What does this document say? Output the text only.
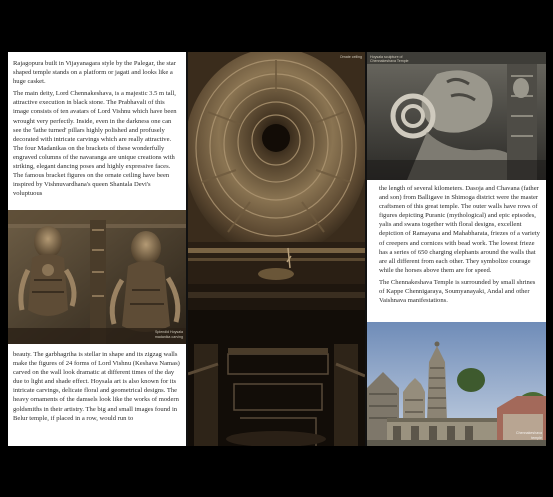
Rajagopura built in Vijayanagara style by the Palegar, the star shaped temple stands on a platform or jagati and looks like a huge casket.

The main deity, Lord Chennakeshava, is a majestic 3.5 m tall, attractive execution in black stone. The Prabhavali of this image consists of ten avatars of Lord Vishnu which have been wrought very perfectly. Inside, even in the darkness one can see the 'lathe turned' pillars highly polished and profusely decorated with intricate carvings which are really attractive. The four Madanikas on the brackets of these wonderfully engraved columns of the navaranga are unique creations with striking, elegant dancing poses and highly expressive faces. The famous bracket figures on the ornate ceiling have been inspired by Vishnuvardhana's queen Shantala Devi's voluptuous

Splendid Hoysala madanika carving

beauty. The garbhagriha is stellar in shape and its zigzag walls make the figures of 24 forms of Lord Vishnu (Keshava Namas) carved on the wall look dramatic at different times of the day due to light and shade effect. Hoysala art is also known for its intricate carvings, delicate floral and geometrical designs. The heavy ornaments of the damsels look like the works of modern goldsmiths in their artistry. The big and small images found in Belur temple, if placed in a row, would run to

Ornate ceiling Hoysala sculpture of Chennakeshava Temple

the length of several kilometers. Dasoja and Chavana (father and son) from Balligave in Shimoga district were the master craftsmen of this great temple. The outer walls have rows of figures depicting Puranic (mythological) and epic episodes, yalis and swans together with floral designs, excellent depiction of Ramayana and Mahabharata, friezes of a variety of creepers and cornices with bead work. The lowest frieze has a series of 650 charging elephants around the walls that are all different from each other. They symbolize courage while the horses above them are for speed.

The Chennakeshava Temple is surrounded by small shrines of Kappe Chennigaraya, Soumyanayaki, Andal and other Vaishnava manifestations.

Chennakeshava temple
